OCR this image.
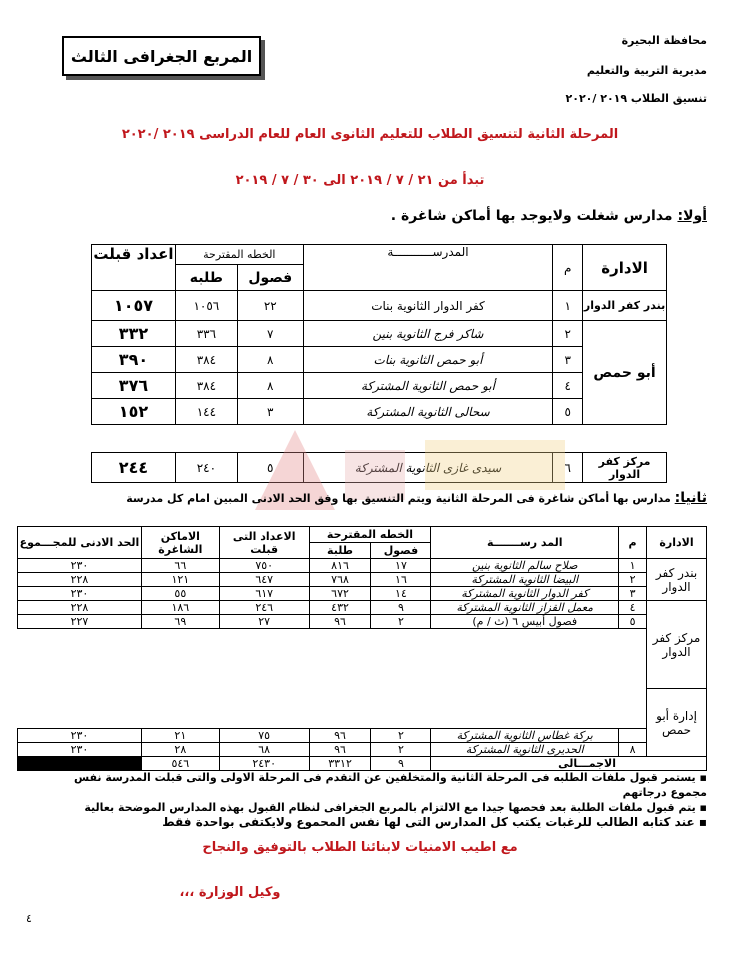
محافظة البحيرة
مديرية التربية والتعليم
تنسيق الطلاب ٢٠١٩ /٢٠٢٠
المربع الجغرافى الثالث
المرحلة الثانية لتنسيق الطلاب للتعليم الثانوى العام للعام الدراسى ٢٠١٩ /٢٠٢٠
تبدأ من ٢١ / ٧ / ٢٠١٩ الى ٣٠ / ٧ / ٢٠١٩
أولا: مدارس شغلت ولايوجد بها أماكن شاغرة .
الادارة	م	المدرســـــــــــة	الخطه المقترحة		اعداد قبلت
			فصول	طلبه	
بندر كفر الدوار	١	كفر الدوار الثانوية بنات	٢٢	١٠٥٦	١٠٥٧
أبو حمص	٢	شاكر فرج الثانوية بنين	٧	٣٣٦	٣٣٢
	٣	أبو حمص الثانوية بنات	٨	٣٨٤	٣٩٠
	٤	أبو حمص الثانوية المشتركة	٨	٣٨٤	٣٧٦
	٥	سحالى الثانوية المشتركة	٣	١٤٤	١٥٢

مركز كفر الدوار	٦	سيدى غازى الثانوية المشتركة	٥	٢٤٠	٢٤٤
ثانيا: مدارس بها أماكن شاغرة فى المرحلة الثانية ويتم التنسيق بها وفق الحد الادنى المبين امام كل مدرسة
الادارة	م	المد رســـــــة	الخطه المقترحة		الاعداد التى قبلت	الاماكن الشاغرة	الحد الادنى للمجـــموع
			فصول	طلبة			
بندر كفر الدوار	١	صلاح سالم الثانوية بنين	١٧	٨١٦	٧٥٠	٦٦	٢٣٠
	٢	البيضا الثانوية المشتركة	١٦	٧٦٨	٦٤٧	١٢١	٢٢٨
	٣	كفر الدوار الثانوية المشتركة	١٤	٦٧٢	٦١٧	٥٥	٢٣٠
مركز كفر الدوار	٤	معمل القزاز الثانوية المشتركة	٩	٤٣٢	٢٤٦	١٨٦	٢٢٨
	٥	فصول أبيس ٦ (ث / م)	٢	٩٦	٢٧	٦٩	٢٢٧

إدارة أبو حمص							
		بركة غطاس الثانوية المشتركة	٢	٩٦	٧٥	٢١	٢٣٠
	٨	الحديرى الثانوية المشتركة	٢	٩٦	٦٨	٢٨	٢٣٠
الاجمـــالى			٩	٣٣١٢	٢٤٣٠	٥٤٦	
▪ يستمر قبول ملفات الطلبه فى المرحلة الثانية والمتخلفين عن التقدم فى المرحلة الاولى والتى قبلت المدرسة نفس مجموع درجاتهم
▪ يتم قبول ملفات الطلبة بعد فحصها جيدا مع الالتزام بالمربع الجغرافى لنظام القبول بهذه المدارس الموضحة بعالية
▪ عند كتابه الطالب للرغبات يكتب كل المدارس التى لها نفس المحموع ولايكتفى بواحدة فقط
مع اطيب الامنيات لابنائنا الطلاب بالتوفيق والنجاح
وكيل الوزارة ،،،
٤
